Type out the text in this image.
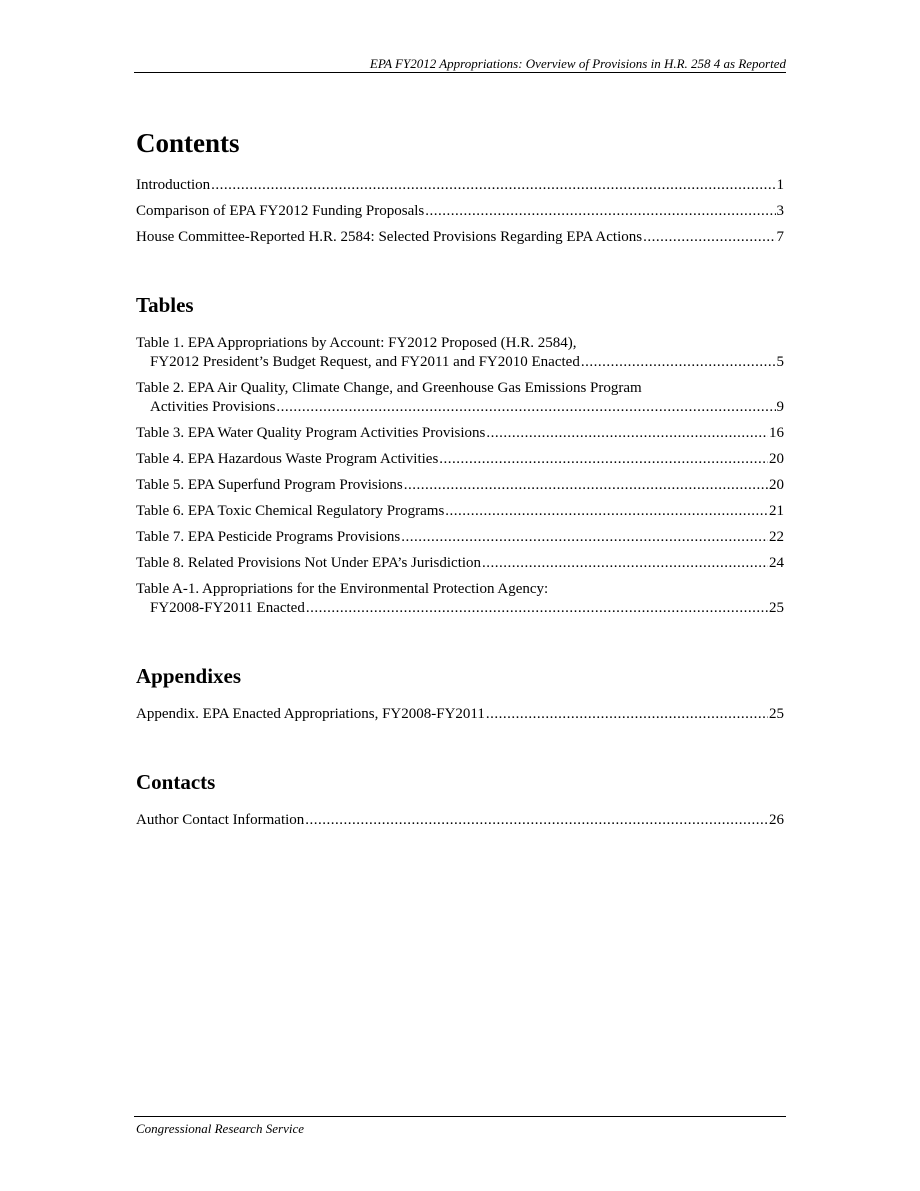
EPA FY2012 Appropriations: Overview of Provisions in H.R. 258 4 as Reported
Contents
Introduction .....	1
Comparison of EPA FY2012 Funding Proposals .....	3
House Committee-Reported H.R. 2584: Selected Provisions Regarding EPA Actions .....	7
Tables
Table 1. EPA Appropriations by Account: FY2012 Proposed (H.R. 2584),
FY2012 President’s Budget Request, and FY2011 and FY2010 Enacted .....	5
Table 2. EPA Air Quality, Climate Change, and Greenhouse Gas Emissions Program
Activities Provisions .....	9
Table 3. EPA Water Quality Program Activities Provisions .....	16
Table 4. EPA Hazardous Waste Program Activities .....	20
Table 5. EPA Superfund Program Provisions .....	20
Table 6. EPA Toxic Chemical Regulatory Programs .....	21
Table 7. EPA Pesticide Programs Provisions .....	22
Table 8. Related Provisions Not Under EPA’s Jurisdiction .....	24
Table A-1. Appropriations for the Environmental Protection Agency:
FY2008-FY2011 Enacted .....	25
Appendixes
Appendix. EPA Enacted Appropriations, FY2008-FY2011 .....	25
Contacts
Author Contact Information .....	26
Congressional Research Service
